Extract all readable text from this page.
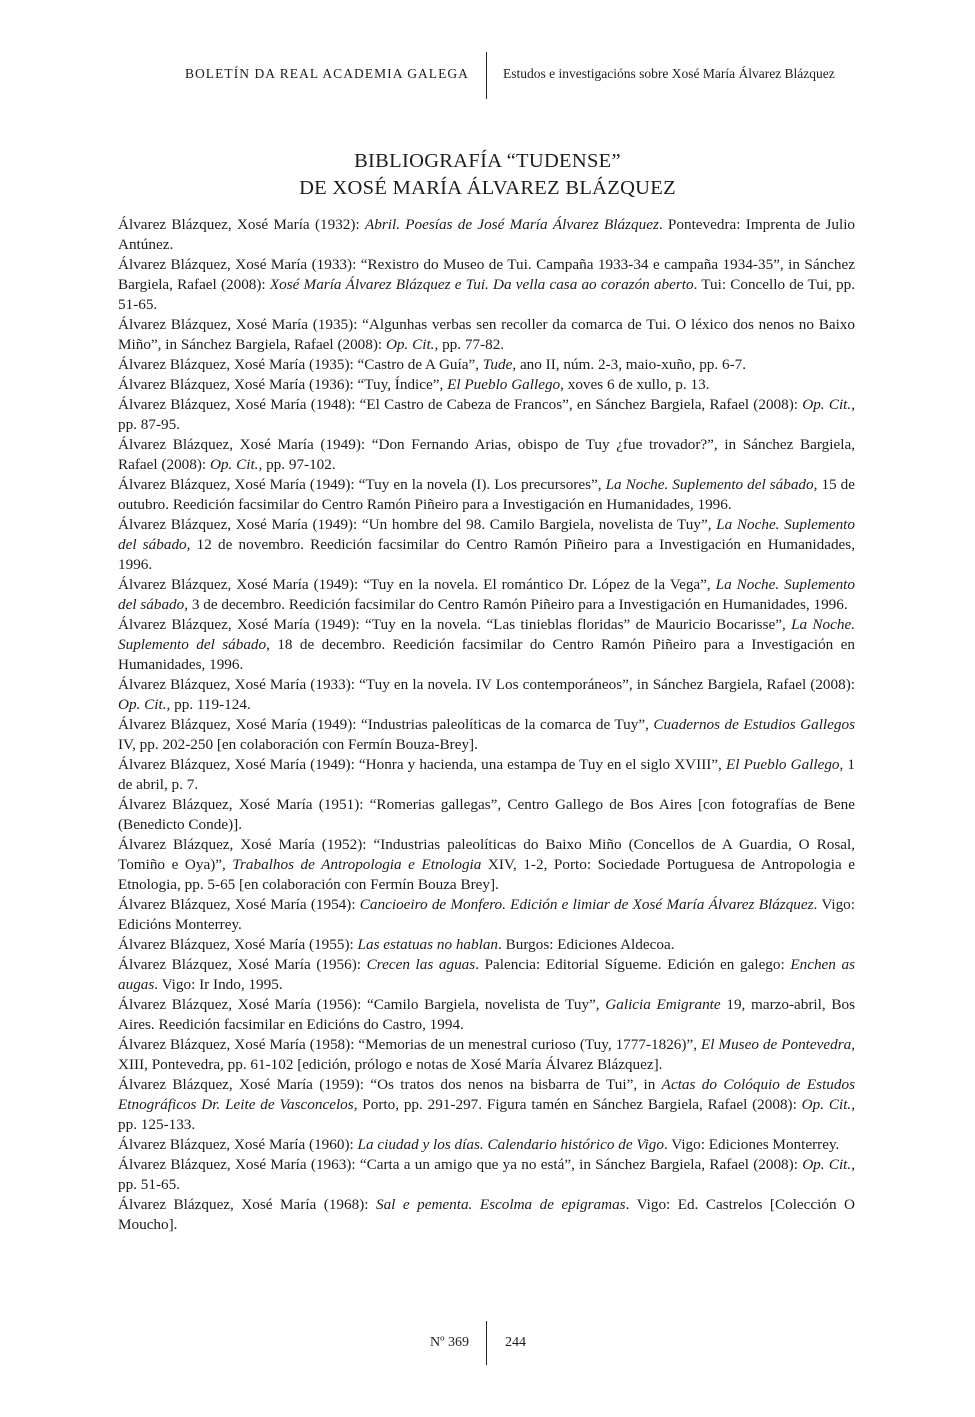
BOLETÍN DA REAL ACADEMIA GALEGA	Estudos e investigacións sobre Xosé María Álvarez Blázquez
BIBLIOGRAFÍA “TUDENSE”
DE XOSÉ MARÍA ÁLVAREZ BLÁZQUEZ
Álvarez Blázquez, Xosé María (1932): Abril. Poesías de José María Álvarez Blázquez. Pontevedra: Imprenta de Julio Antúnez.
Álvarez Blázquez, Xosé María (1933): “Rexistro do Museo de Tui. Campaña 1933-34 e campaña 1934-35”, in Sánchez Bargiela, Rafael (2008): Xosé María Álvarez Blázquez e Tui. Da vella casa ao corazón aberto. Tui: Concello de Tui, pp. 51-65.
Álvarez Blázquez, Xosé María (1935): “Algunhas verbas sen recoller da comarca de Tui. O léxico dos nenos no Baixo Miño”, in Sánchez Bargiela, Rafael (2008): Op. Cit., pp. 77-82.
Álvarez Blázquez, Xosé María (1935): “Castro de A Guía”, Tude, ano II, núm. 2-3, maio-xuño, pp. 6-7.
Álvarez Blázquez, Xosé María (1936): “Tuy, Índice”, El Pueblo Gallego, xoves 6 de xullo, p. 13.
Álvarez Blázquez, Xosé María (1948): “El Castro de Cabeza de Francos”, en Sánchez Bargiela, Rafael (2008): Op. Cit., pp. 87-95.
Álvarez Blázquez, Xosé María (1949): “Don Fernando Arias, obispo de Tuy ¿fue trovador?”, in Sánchez Bargiela, Rafael (2008): Op. Cit., pp. 97-102.
Álvarez Blázquez, Xosé María (1949): “Tuy en la novela (I). Los precursores”, La Noche. Suplemento del sábado, 15 de outubro. Reedición facsimilar do Centro Ramón Piñeiro para a Investigación en Humanidades, 1996.
Álvarez Blázquez, Xosé María (1949): “Un hombre del 98. Camilo Bargiela, novelista de Tuy”, La Noche. Suplemento del sábado, 12 de novembro. Reedición facsimilar do Centro Ramón Piñeiro para a Investigación en Humanidades, 1996.
Álvarez Blázquez, Xosé María (1949): “Tuy en la novela. El romántico Dr. López de la Vega”, La Noche. Suplemento del sábado, 3 de decembro. Reedición facsimilar do Centro Ramón Piñeiro para a Investigación en Humanidades, 1996.
Álvarez Blázquez, Xosé María (1949): “Tuy en la novela. “Las tinieblas floridas” de Mauricio Bocarisse”, La Noche. Suplemento del sábado, 18 de decembro. Reedición facsimilar do Centro Ramón Piñeiro para a Investigación en Humanidades, 1996.
Álvarez Blázquez, Xosé María (1933): “Tuy en la novela. IV Los contemporáneos”, in Sánchez Bargiela, Rafael (2008): Op. Cit., pp. 119-124.
Álvarez Blázquez, Xosé María (1949): “Industrias paleolíticas de la comarca de Tuy”, Cuadernos de Estudios Gallegos IV, pp. 202-250 [en colaboración con Fermín Bouza-Brey].
Álvarez Blázquez, Xosé María (1949): “Honra y hacienda, una estampa de Tuy en el siglo XVIII”, El Pueblo Gallego, 1 de abril, p. 7.
Álvarez Blázquez, Xosé María (1951): “Romerias gallegas”, Centro Gallego de Bos Aires [con fotografías de Bene (Benedicto Conde)].
Álvarez Blázquez, Xosé María (1952): “Industrias paleolíticas do Baixo Miño (Concellos de A Guardia, O Rosal, Tomiño e Oya)”, Trabalhos de Antropologia e Etnologia XIV, 1-2, Porto: Sociedade Portuguesa de Antropologia e Etnologia, pp. 5-65 [en colaboración con Fermín Bouza Brey].
Álvarez Blázquez, Xosé María (1954): Cancioeiro de Monfero. Edición e limiar de Xosé María Álvarez Blázquez. Vigo: Edicións Monterrey.
Álvarez Blázquez, Xosé María (1955): Las estatuas no hablan. Burgos: Ediciones Aldecoa.
Álvarez Blázquez, Xosé María (1956): Crecen las aguas. Palencia: Editorial Sígueme. Edición en galego: Enchen as augas. Vigo: Ir Indo, 1995.
Álvarez Blázquez, Xosé María (1956): “Camilo Bargiela, novelista de Tuy”, Galicia Emigrante 19, marzo-abril, Bos Aires. Reedición facsimilar en Edicións do Castro, 1994.
Álvarez Blázquez, Xosé María (1958): “Memorias de un menestral curioso (Tuy, 1777-1826)”, El Museo de Pontevedra, XIII, Pontevedra, pp. 61-102 [edición, prólogo e notas de Xosé María Álvarez Blázquez].
Álvarez Blázquez, Xosé María (1959): “Os tratos dos nenos na bisbarra de Tui”, in Actas do Colóquio de Estudos Etnográficos Dr. Leite de Vasconcelos, Porto, pp. 291-297. Figura tamén en Sánchez Bargiela, Rafael (2008): Op. Cit., pp. 125-133.
Álvarez Blázquez, Xosé María (1960): La ciudad y los días. Calendario histórico de Vigo. Vigo: Ediciones Monterrey.
Álvarez Blázquez, Xosé María (1963): “Carta a un amigo que ya no está”, in Sánchez Bargiela, Rafael (2008): Op. Cit., pp. 51-65.
Álvarez Blázquez, Xosé María (1968): Sal e pementa. Escolma de epigramas. Vigo: Ed. Castrelos [Colección O Moucho].
Nº 369	244
